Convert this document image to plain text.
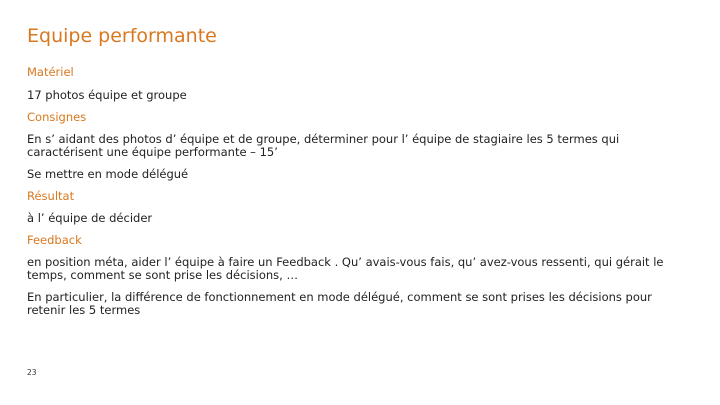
Equipe performante

Matériel

17 photos équipe et groupe

Consignes

En s’ aidant des photos d’ équipe et de groupe, déterminer pour l’ équipe de stagiaire les 5 termes qui caractérisent une équipe performante – 15’

Se mettre en mode délégué

Résultat

à l’ équipe de décider

Feedback

en position méta, aider l’ équipe à faire un Feedback . Qu’ avais-vous fais, qu’ avez-vous ressenti, qui gérait le temps, comment se sont prise les décisions, …

En particulier, la différence de fonctionnement en mode délégué, comment se sont prises les décisions pour retenir les 5 termes

23
